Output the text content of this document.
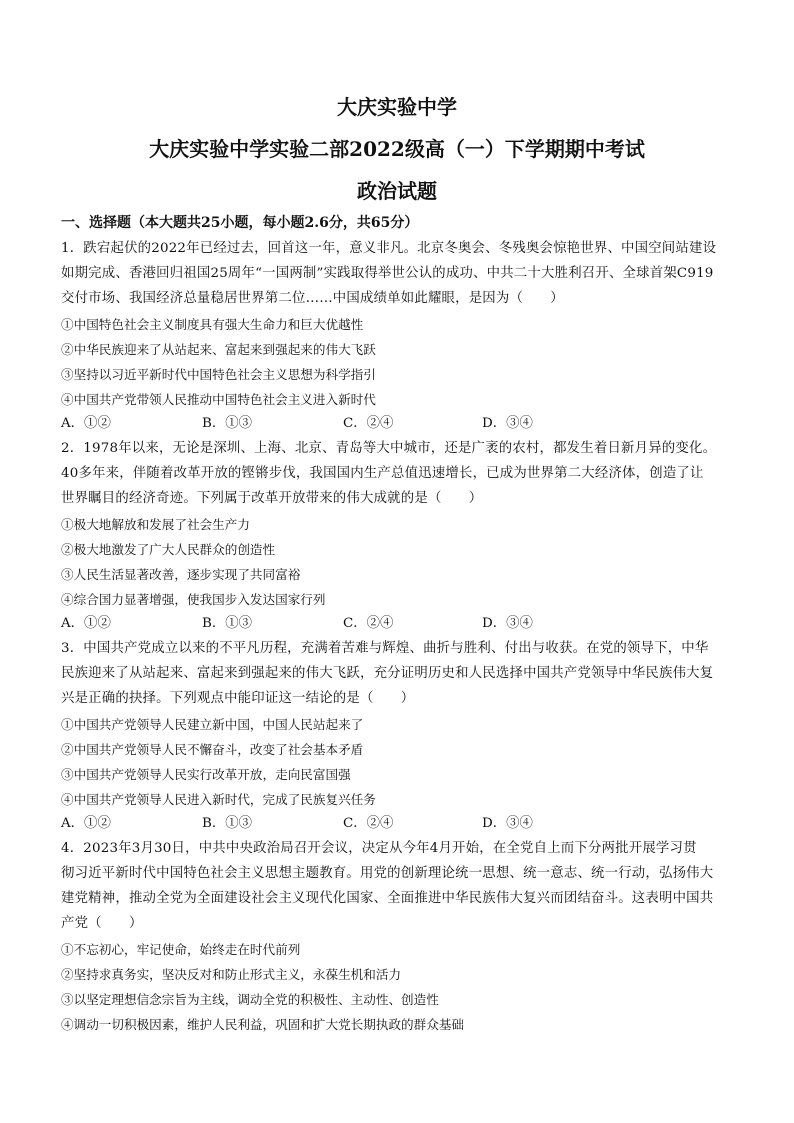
大庆实验中学
大庆实验中学实验二部2022级高（一）下学期期中考试
政治试题
一、选择题（本大题共25小题，每小题2.6分，共65分）
1．跌宕起伏的2022年已经过去，回首这一年，意义非凡。北京冬奥会、冬残奥会惊艳世界、中国空间站建设
如期完成、香港回归祖国25周年“一国两制”实践取得举世公认的成功、中共二十大胜利召开、全球首架C919
交付市场、我国经济总量稳居世界第二位……中国成绩单如此耀眼，是因为（　　）
①中国特色社会主义制度具有强大生命力和巨大优越性
②中华民族迎来了从站起来、富起来到强起来的伟大飞跃
③坚持以习近平新时代中国特色社会主义思想为科学指引
④中国共产党带领人民推动中国特色社会主义进入新时代
A．①②	B．①③	C．②④	D．③④
2．1978年以来，无论是深圳、上海、北京、青岛等大中城市，还是广袤的农村，都发生着日新月异的变化。
40多年来，伴随着改革开放的铿锵步伐，我国国内生产总值迅速增长，已成为世界第二大经济体，创造了让
世界瞩目的经济奇迹。下列属于改革开放带来的伟大成就的是（　　）
①极大地解放和发展了社会生产力
②极大地激发了广大人民群众的创造性
③人民生活显著改善，逐步实现了共同富裕
④综合国力显著增强，使我国步入发达国家行列
A．①②	B．①③	C．②④	D．③④
3．中国共产党成立以来的不平凡历程，充满着苦难与辉煌、曲折与胜利、付出与收获。在党的领导下，中华
民族迎来了从站起来、富起来到强起来的伟大飞跃，充分证明历史和人民选择中国共产党领导中华民族伟大复
兴是正确的抉择。下列观点中能印证这一结论的是（　　）
①中国共产党领导人民建立新中国，中国人民站起来了
②中国共产党领导人民不懈奋斗，改变了社会基本矛盾
③中国共产党领导人民实行改革开放，走向民富国强
④中国共产党领导人民进入新时代，完成了民族复兴任务
A．①②	B．①③	C．②④	D．③④
4．2023年3月30日，中共中央政治局召开会议，决定从今年4月开始，在全党自上而下分两批开展学习贯
彻习近平新时代中国特色社会主义思想主题教育。用党的创新理论统一思想、统一意志、统一行动，弘扬伟大
建党精神，推动全党为全面建设社会主义现代化国家、全面推进中华民族伟大复兴而团结奋斗。这表明中国共
产党（　　）
①不忘初心，牢记使命，始终走在时代前列
②坚持求真务实，坚决反对和防止形式主义，永葆生机和活力
③以坚定理想信念宗旨为主线，调动全党的积极性、主动性、创造性
④调动一切积极因素，维护人民利益，巩固和扩大党长期执政的群众基础
